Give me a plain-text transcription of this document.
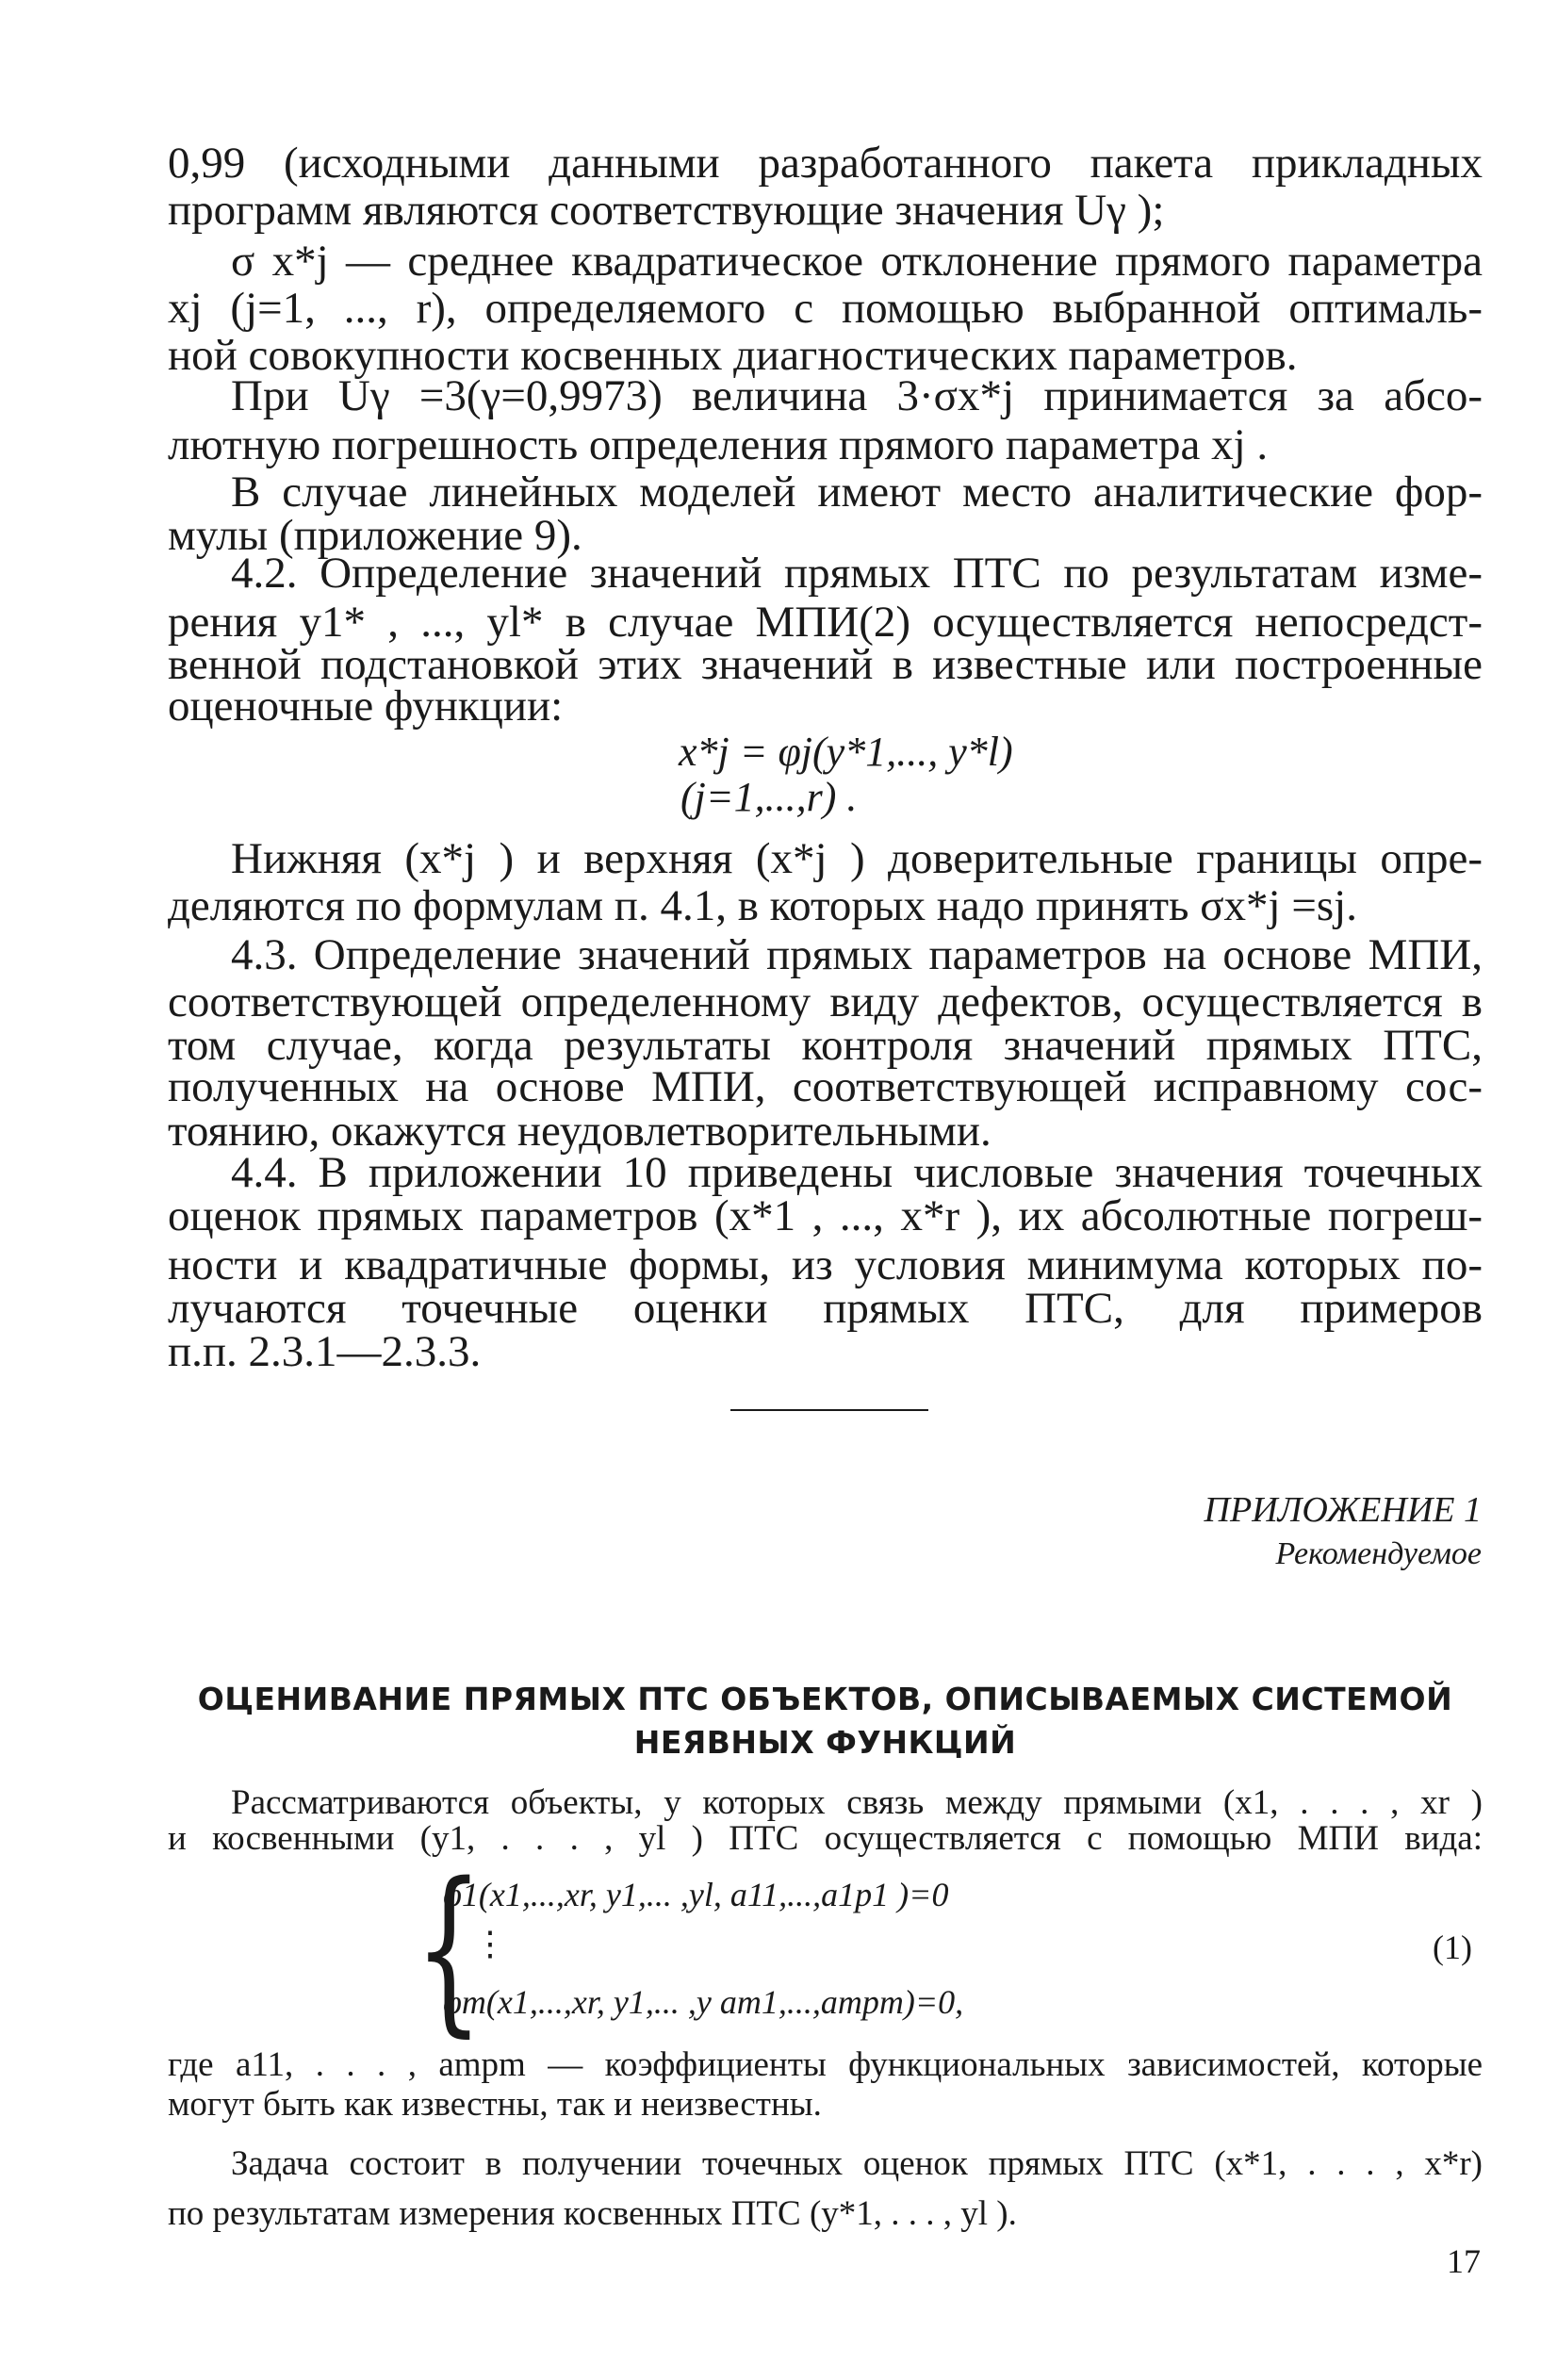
0,99 (исходными данными разработанного пакета прикладных

программ являются соответствующие значения Uγ );

σ x*j — среднее квадратическое отклонение прямого параметра

xj (j=1, ..., r), определяемого с помощью выбранной оптималь-

ной совокупности косвенных диагностических параметров.

При Uγ =3(γ=0,9973) величина 3·σx*j принимается за абсо-

лютную погрешность определения прямого параметра xj .

В случае линейных моделей имеют место аналитические фор-

мулы (приложение 9).

4.2. Определение значений прямых ПТС по результатам изме-

рения y1* , ..., yl* в случае МПИ(2) осуществляется непосредст-

венной подстановкой этих значений в известные или построенные

оценочные функции:

x*j = φj(y*1,..., y*l)
(j=1,...,r) .

Нижняя (x*j ) и верхняя (x*j ) доверительные границы опре-

деляются по формулам п. 4.1, в которых надо принять σx*j =sj.

4.3. Определение значений прямых параметров на основе МПИ,

соответствующей определенному виду дефектов, осуществляется в

том случае, когда результаты контроля значений прямых ПТС,

полученных на основе МПИ, соответствующей исправному сос-

тоянию, окажутся неудовлетворительными.

4.4. В приложении 10 приведены числовые значения точечных

оценок прямых параметров (x*1 , ..., x*r ), их абсолютные погреш-

ности и квадратичные формы, из условия минимума которых по-

лучаются точечные оценки прямых ПТС, для примеров

п.п. 2.3.1—2.3.3.

ПРИЛОЖЕНИЕ 1
Рекомендуемое
ОЦЕНИВАНИЕ ПРЯМЫХ ПТС ОБЪЕКТОВ, ОПИСЫВАЕМЫХ СИСТЕМОЙ
НЕЯВНЫХ ФУНКЦИЙ

Рассматриваются объекты, у которых связь между прямыми (x1, . . . , xr )

и косвенными (y1, . . . , yl ) ПТС осуществляется с помощью МПИ вида:

{
φ1(x1,...,xr, y1,... ,yl, a11,...,a1p1 )=0
⋮
φm(x1,...,xr, y1,... ,y am1,...,ampm)=0,
(1)

где a11, . . . , ampm — коэффициенты функциональных зависимостей, которые

могут быть как известны, так и неизвестны.

Задача состоит в получении точечных оценок прямых ПТС (x*1, . . . , x*r)

по результатам измерения косвенных ПТС (y*1, . . . , yl ).

17
